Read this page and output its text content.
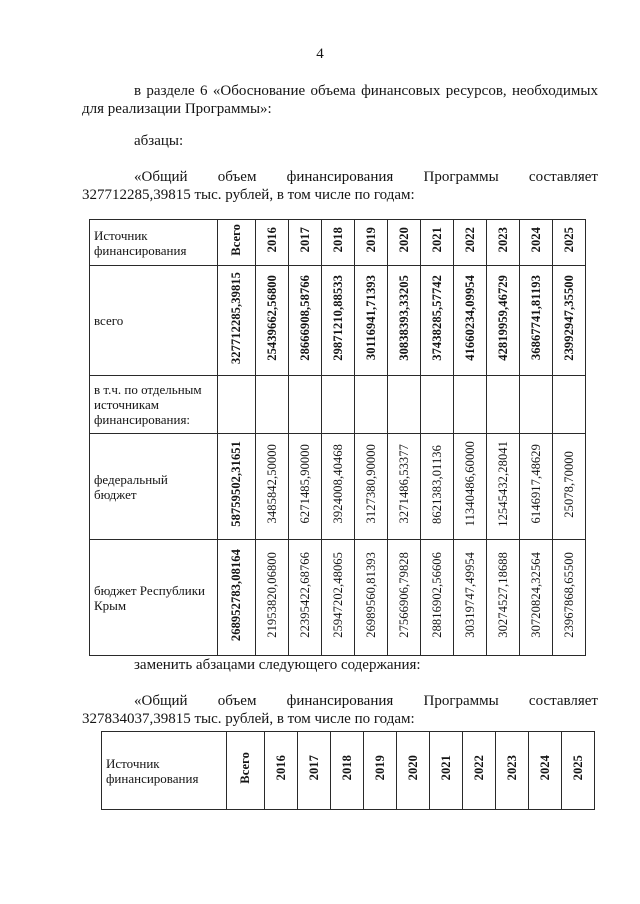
4
в разделе 6 «Обоснование объема финансовых ресурсов, необходимых
для реализации Программы»:
абзацы:
«Общий объем финансирования Программы составляет
327712285,39815 тыс. рублей, в том числе по годам:
Источник финансирования	Всего	2016	2017	2018	2019	2020	2021	2022	2023	2024	2025
всего	327712285,39815	25439662,56800	28666908,58766	29871210,88533	30116941,71393	30838393,33205	37438285,57742	41660234,09954	42819959,46729	36867741,81193	23992947,35500
в т.ч. по отдельным источникам финансирования:											
федеральный бюджет	58759502,31651	3485842,50000	6271485,90000	3924008,40468	3127380,90000	3271486,53377	8621383,01136	11340486,60000	12545432,28041	6146917,48629	25078,70000
бюджет Республики Крым	268952783,08164	21953820,06800	22395422,68766	25947202,48065	26989560,81393	27566906,79828	28816902,56606	30319747,49954	30274527,18688	30720824,32564	23967868,65500
заменить абзацами следующего содержания:
«Общий объем финансирования Программы составляет
327834037,39815 тыс. рублей, в том числе по годам:
Источник финансирования	Всего	2016	2017	2018	2019	2020	2021	2022	2023	2024	2025
